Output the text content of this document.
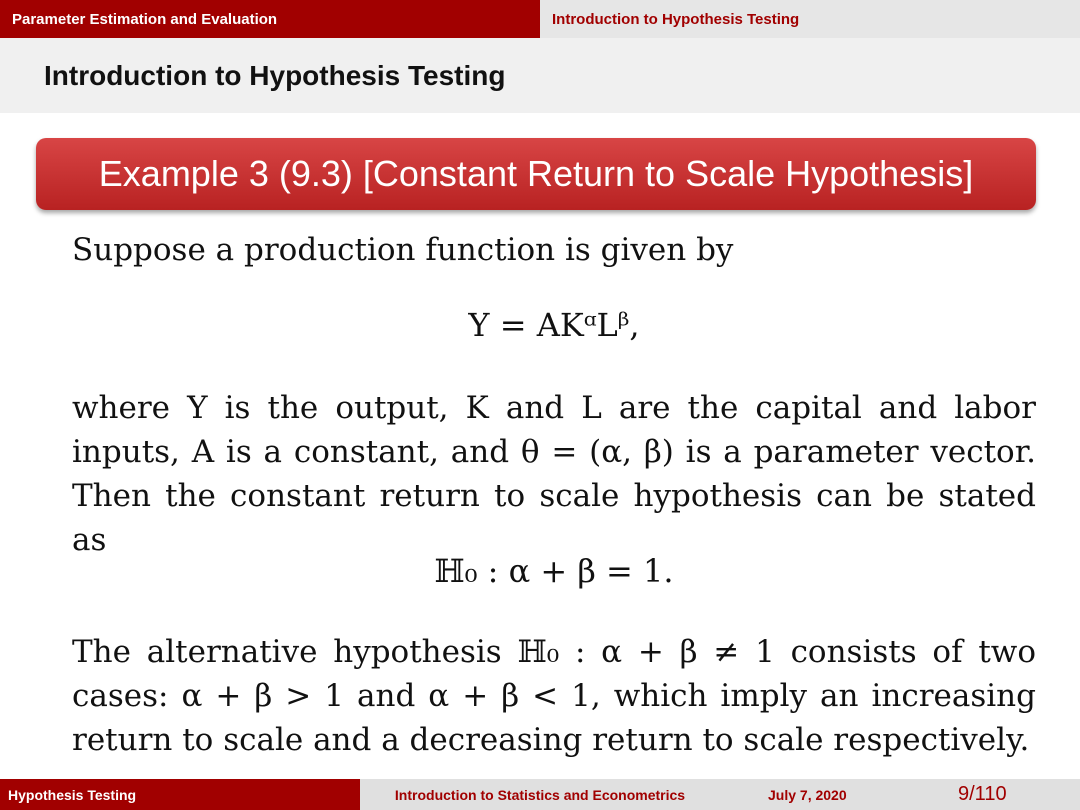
Parameter Estimation and Evaluation	Introduction to Hypothesis Testing
Introduction to Hypothesis Testing
Example 3 (9.3) [Constant Return to Scale Hypothesis]
Suppose a production function is given by
Y = AKᵅLᵝ,
where Y is the output, K and L are the capital and labor inputs, A is a constant, and θ = (α, β) is a parameter vector. Then the constant return to scale hypothesis can be stated as
ℍ₀ : α + β = 1.
The alternative hypothesis ℍ₀ : α + β ≠ 1 consists of two cases: α + β > 1 and α + β < 1, which imply an increasing return to scale and a decreasing return to scale respectively.
Hypothesis Testing	Introduction to Statistics and Econometrics	July 7, 2020	9/110
